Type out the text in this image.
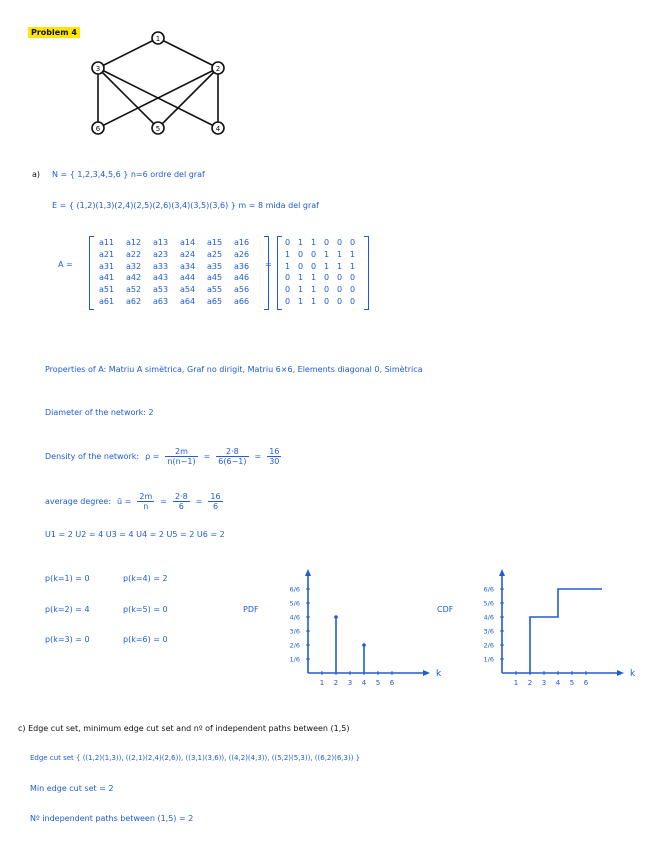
Problem 4
1
2
3
4
5
6
a) N = { 1,2,3,4,5,6 } n=6 ordre del graf
E = { (1,2)(1,3)(2,4)(2,5)(2,6)(3,4)(3,5)(3,6) } m = 8 mida del graf
A =
a11	a12	a13	a14	a15	a16
a21	a22	a23	a24	a25	a26
a31	a32	a33	a34	a35	a36
a41	a42	a43	a44	a45	a46
a51	a52	a53	a54	a55	a56
a61	a62	a63	a64	a65	a66
=
0 1 1 0 0 0
1 0 0 1 1 1
1 0 0 1 1 1
0 1 1 0 0 0
0 1 1 0 0 0
0 1 1 0 0 0
Properties of A: Matriu A simètrica, Graf no dirigit, Matriu 6×6, Elements diagonal 0, Simètrica
Diameter of the network: 2
Density of the network: $\rho = \frac{2m}{n(n-1)} = \frac{2\cdot 8}{6(6-1)} = \frac{16}{30}$
average degree: ū = $\frac{2m}{n} = \frac{2\cdot 8}{6} = \frac{16}{6}$
U1 = 2 U2 = 4 U3 = 4 U4 = 2 U5 = 2 U6 = 2
p(k=1) = 0
p(k=2) = 4
p(k=3) = 0
p(k=4) = 2
p(k=5) = 0
p(k=6) = 0
PDF	CDF
k
1 2 3 4 5 6
1/6
2/6
3/6
4/6
5/6
6/6
k
1 2 3 4 5 6
1/6
2/6
3/6
4/6
5/6
6/6
c) Edge cut set, minimum edge cut set and nº of independent paths between (1,5)
Edge cut set { ((1,2)(1,3)), ((2,1)(2,4)(2,6)), ((3,1)(3,6)), ((4,2)(4,3)), ((5,2)(5,3)), ((6,2)(6,3)) }
Min edge cut set = 2
Nº independent paths between (1,5) = 2
